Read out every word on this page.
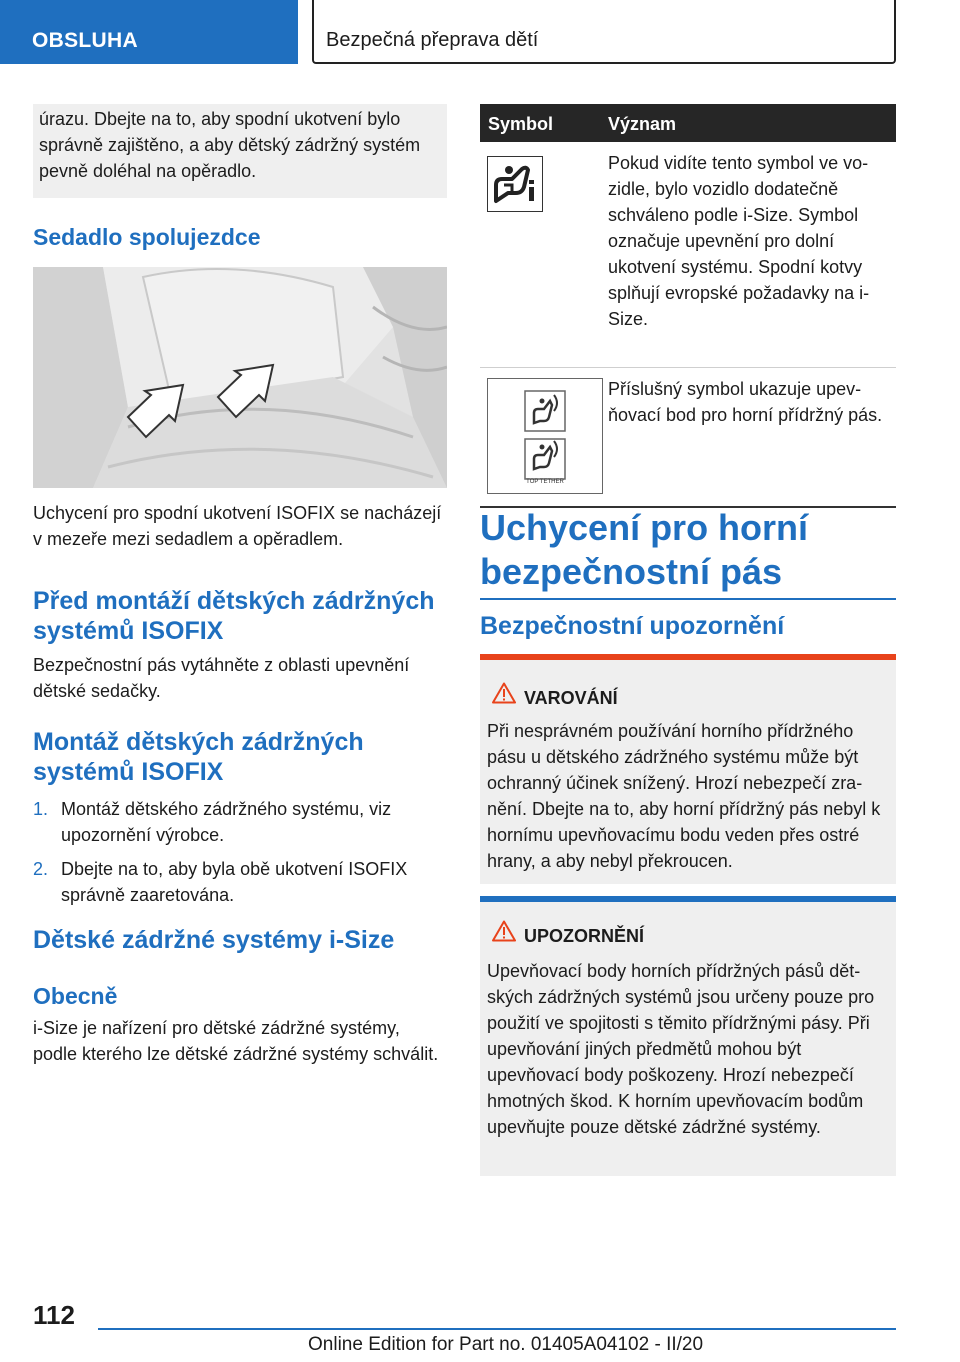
OBSLUHA	Bezpečná přeprava dětí

úrazu. Dbejte na to, aby spodní ukotvení bylo správně zajištěno, a aby dětský zádržný systém pevně doléhal na opěradlo.

Sedadlo spolujezdce

Uchycení pro spodní ukotvení ISOFIX se nacházejí v mezeře mezi sedadlem a opěradlem.

Před montáží dětských zádržných systémů ISOFIX

Bezpečnostní pás vytáhněte z oblasti upevnění dětské sedačky.

Montáž dětských zádržných systémů ISOFIX
1. Montáž dětského zádržného systému, viz upozornění výrobce.
2. Dbejte na to, aby byla obě ukotvení ISOFIX správně zaaretována.
Dětské zádržné systémy i-Size
Obecně

i-Size je nařízení pro dětské zádržné systémy, podle kterého lze dětské zádržné systémy schválit.

Symbol	Význam

Pokud vidíte tento symbol ve vozidle, bylo vozidlo dodatečně schváleno podle i-Size. Symbol označuje upevnění pro dolní ukotvení systému. Spodní kotvy splňují evropské požadavky na i-Size.

TOP TETHER

Příslušný symbol ukazuje upevňovací bod pro horní přídržný pás.

Uchycení pro horní bezpečnostní pás
Bezpečnostní upozornění
VAROVÁNÍ

Při nesprávném používání horního přídržného pásu u dětského zádržného systému může být ochranný účinek snížený. Hrozí nebezpečí zranění. Dbejte na to, aby horní přídržný pás nebyl k hornímu upevňovacímu bodu veden přes ostré hrany, a aby nebyl překroucen.

UPOZORNĚNÍ

Upevňovací body horních přídržných pásů dětských zádržných systémů jsou určeny pouze pro použití ve spojitosti s těmito přídržnými pásy. Při upevňování jiných předmětů mohou být upevňovací body poškozeny. Hrozí nebezpečí hmotných škod. K horním upevňovacím bodům upevňujte pouze dětské zádržné systémy.

112
Online Edition for Part no. 01405A04102 - II/20
